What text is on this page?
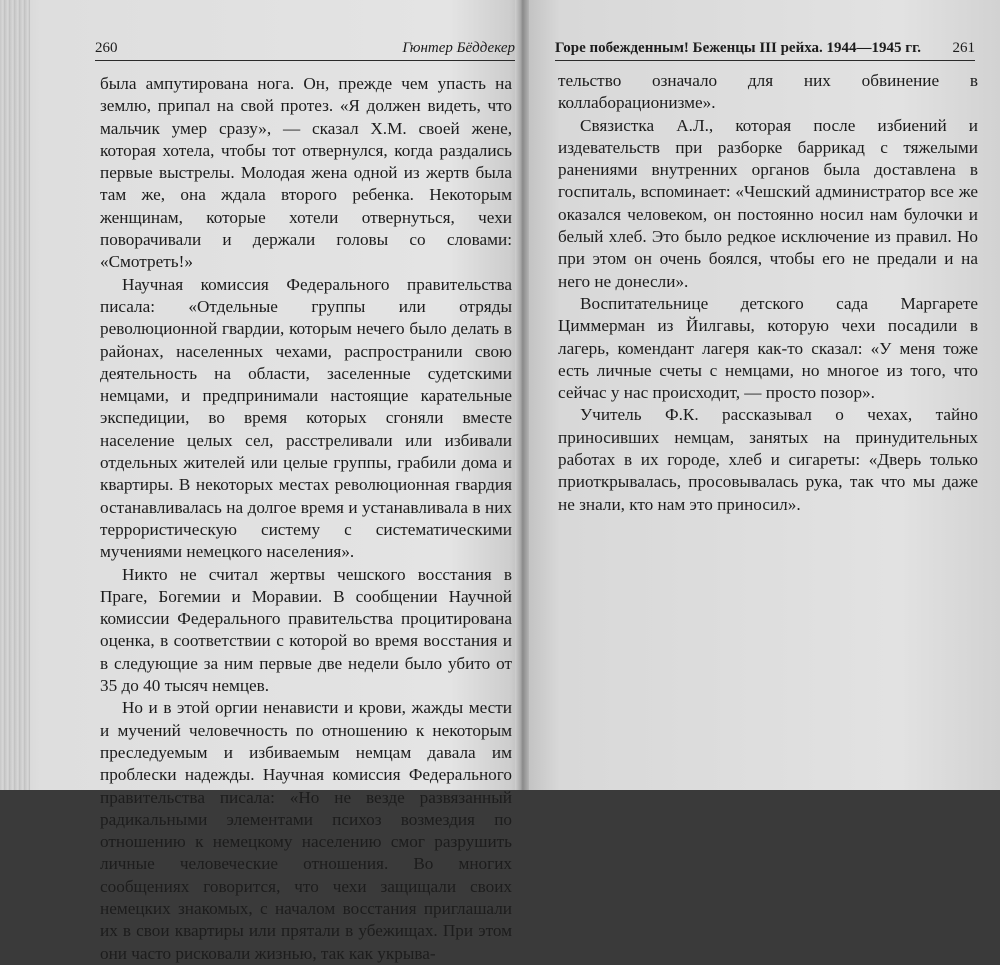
260	Гюнтер Бёддекер

была ампутирована нога. Он, прежде чем упасть на землю, припал на свой протез. «Я должен видеть, что мальчик умер сразу», — сказал Х.М. своей жене, которая хотела, чтобы тот отвернулся, когда раздались первые выстрелы. Молодая жена одной из жертв была там же, она ждала второго ребенка. Некоторым женщинам, которые хотели отвернуться, чехи поворачивали и держали головы со словами: «Смотреть!»

Научная комиссия Федерального правительства писала: «Отдельные группы или отряды революционной гвардии, которым нечего было делать в районах, населенных чехами, распространили свою деятельность на области, заселенные судетскими немцами, и предпринимали настоящие карательные экспедиции, во время которых сгоняли вместе население целых сел, расстреливали или избивали отдельных жителей или целые группы, грабили дома и квартиры. В некоторых местах революционная гвардия останавливалась на долгое время и устанавливала в них террористическую систему с систематическими мучениями немецкого населения».

Никто не считал жертвы чешского восстания в Праге, Богемии и Моравии. В сообщении Научной комиссии Федерального правительства процитирована оценка, в соответствии с которой во время восстания и в следующие за ним первые две недели было убито от 35 до 40 тысяч немцев.

Но и в этой оргии ненависти и крови, жажды мести и мучений человечность по отношению к некоторым преследуемым и избиваемым немцам давала им проблески надежды. Научная комиссия Федерального правительства писала: «Но не везде развязанный радикальными элементами психоз возмездия по отношению к немецкому населению смог разрушить личные человеческие отношения. Во многих сообщениях говорится, что чехи защищали своих немецких знакомых, с началом восстания приглашали их в свои квартиры или прятали в убежищах. При этом они часто рисковали жизнью, так как укрыва-

Горе побежденным! Беженцы III рейха. 1944—1945 гг. 261

тельство означало для них обвинение в коллаборационизме».

Связистка А.Л., которая после избиений и издевательств при разборке баррикад с тяжелыми ранениями внутренних органов была доставлена в госпиталь, вспоминает: «Чешский администратор все же оказался человеком, он постоянно носил нам булочки и белый хлеб. Это было редкое исключение из правил. Но при этом он очень боялся, чтобы его не предали и на него не донесли».

Воспитательнице детского сада Маргарете Циммерман из Йилгавы, которую чехи посадили в лагерь, комендант лагеря как-то сказал: «У меня тоже есть личные счеты с немцами, но многое из того, что сейчас у нас происходит, — просто позор».

Учитель Ф.К. рассказывал о чехах, тайно приносивших немцам, занятых на принудительных работах в их городе, хлеб и сигареты: «Дверь только приоткрывалась, просовывалась рука, так что мы даже не знали, кто нам это приносил».
